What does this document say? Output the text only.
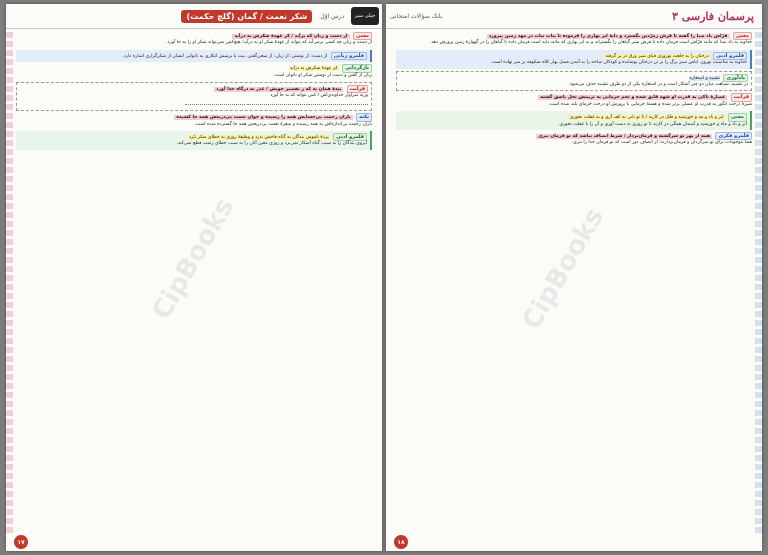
خیلی سبز
درس اوّل
شکر نعمت / گمان (گلچ حکمت)
CipBooks
معنی از دست و زبان که برآید / کز عهدهٔ شکرش به درآید
از دست و زبان چه کسی برمی‌آید که بتواند از عهدهٔ شکر او به درآید؛ هیچ‌کس نمی‌تواند شکر او را به جا آورد.
قلمرو زبانی از دست: از نوشتن؛ از زبان: از سخن‌گفتن. بیت با پرسش انکاری به ناتوانی انسان از شکرگزاری اشاره دارد.
بازگردانی کز عهدهٔ شکرش به درآید
زبان از گفتن و دست از نوشتن شکر او ناتوان است.
قرابت بندهٔ همان به که ز تقصیر خویش / عذر به درگاه خدا آورد
ورنه سزاوار خداوندی‌اش / کس نتواند که به جا آورد

نکته باران رحمت بی‌حسابش همه را رسیده و خوان نعمت بی‌دریغش همه جا کشیده
باران رحمت بی‌اندازه‌اش به همه رسیده و سفرهٔ نعمت بی‌دریغش همه جا گسترده شده است.
قلمرو ادبی پردهٔ ناموس بندگان به گناه فاحش ندرد و وظیفهٔ روزی به خطای منکر نبُرد
آبروی بندگان را به سبب گناه آشکار نمی‌برد و روزی معین آنان را به سبب خطای زشت قطع نمی‌کند.
۱۷
پرسمان فارسی ۳
بانک سؤالات امتحانی
CipBooks
معنی فرّاش باد صبا را گفته تا فرش زمرّدین بگسترد و دایهٔ ابر بهاری را فرموده تا بنات نبات در مهد زمین بپرورد
خداوند به باد صبا که مانند فرّاش است فرمان داده تا فرش سبز گیاهان را بگستراند و به ابر بهاری که مانند دایه است فرمان داده تا گیاهان را در گهوارهٔ زمین پرورش دهد.
قلمرو ادبی درختان را به خلعت نوروزی قبای سبز ورق در بر گرفته
خداوند به مناسبت نوروز، لباس سبز برگ را بر تن درختان پوشانده و کودکان شاخه را به آمدن فصل بهار کلاه شکوفه بر سر نهاده است.
یادآوری تشبیه و استعاره
در تشبیه، شباهت میان دو چیز آشکار است و در استعاره یکی از دو طرف تشبیه حذف می‌شود.
قرابت عصارهٔ تاکی به قدرت او شهد فایق شده و تخم خرمایی به تربیتش نخل باسق گشته
شیرهٔ درخت انگور به قدرت او عسلی برتر شده و هستهٔ خرمایی با پرورش او درخت خرمای بلند شده است.
معنی ابر و باد و مه و خورشید و فلک در کارند / تا تو نانی به کف آری و به غفلت نخوری
ابر و باد و ماه و خورشید و آسمان همگی در کارند تا تو روزی به دست آوری و آن را با غفلت نخوری.
قلمرو فکری همه از بهر تو سرگشته و فرمان‌بردار / شرط انصاف نباشد که تو فرمان نبری
همهٔ موجودات برای تو سرگردان و فرمان‌بردارند؛ از انصاف دور است که تو فرمان خدا را نبری.
۱۸
